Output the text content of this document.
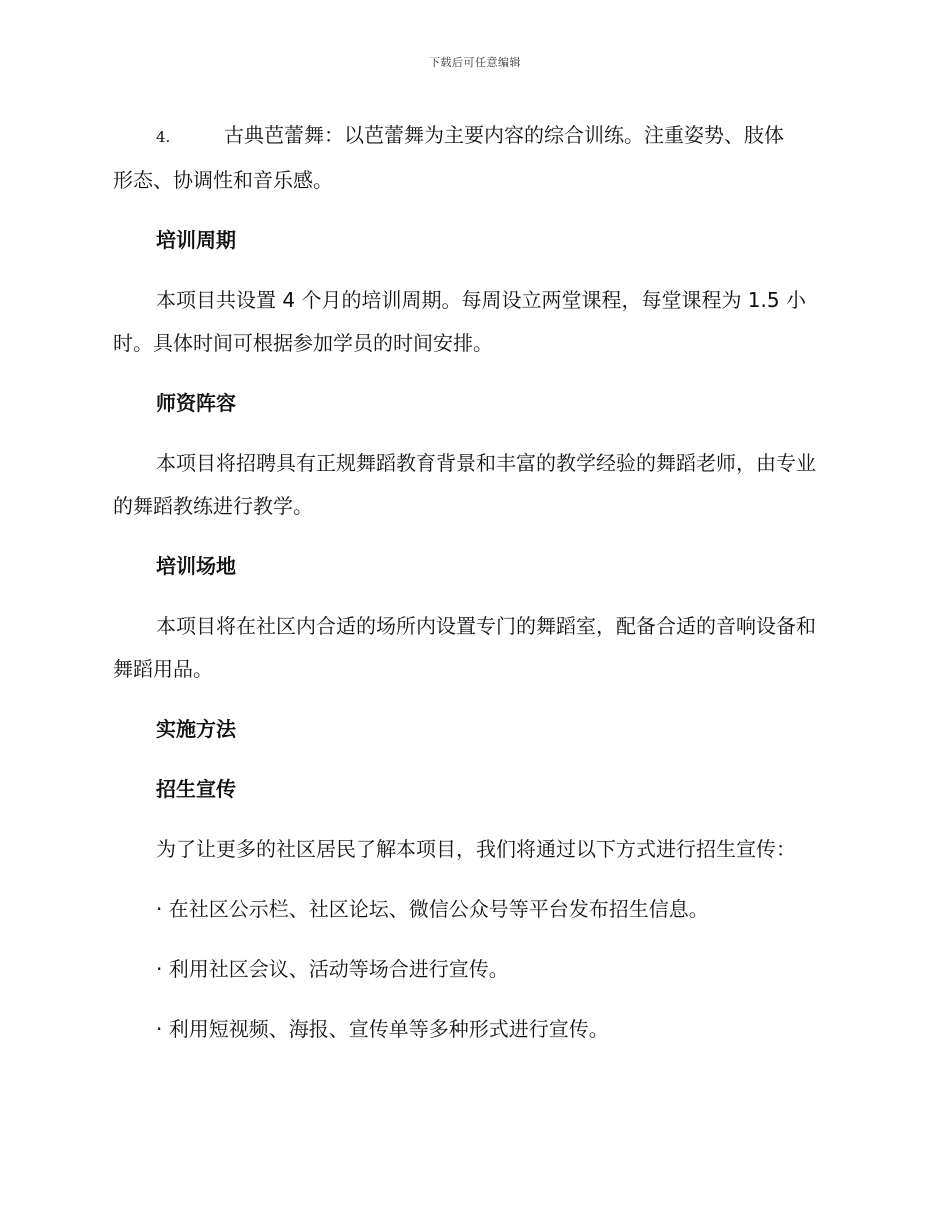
下载后可任意编辑
4.	古典芭蕾舞：以芭蕾舞为主要内容的综合训练。注重姿势、肢体

形态、协调性和音乐感。

培训周期

本项目共设置 4 个月的培训周期。每周设立两堂课程，每堂课程为 1.5 小时。具体时间可根据参加学员的时间安排。

师资阵容

本项目将招聘具有正规舞蹈教育背景和丰富的教学经验的舞蹈老师，由专业的舞蹈教练进行教学。

培训场地

本项目将在社区内合适的场所内设置专门的舞蹈室，配备合适的音响设备和舞蹈用品。

实施方法

招生宣传

为了让更多的社区居民了解本项目，我们将通过以下方式进行招生宣传：

· 在社区公示栏、社区论坛、微信公众号等平台发布招生信息。

· 利用社区会议、活动等场合进行宣传。

· 利用短视频、海报、宣传单等多种形式进行宣传。
